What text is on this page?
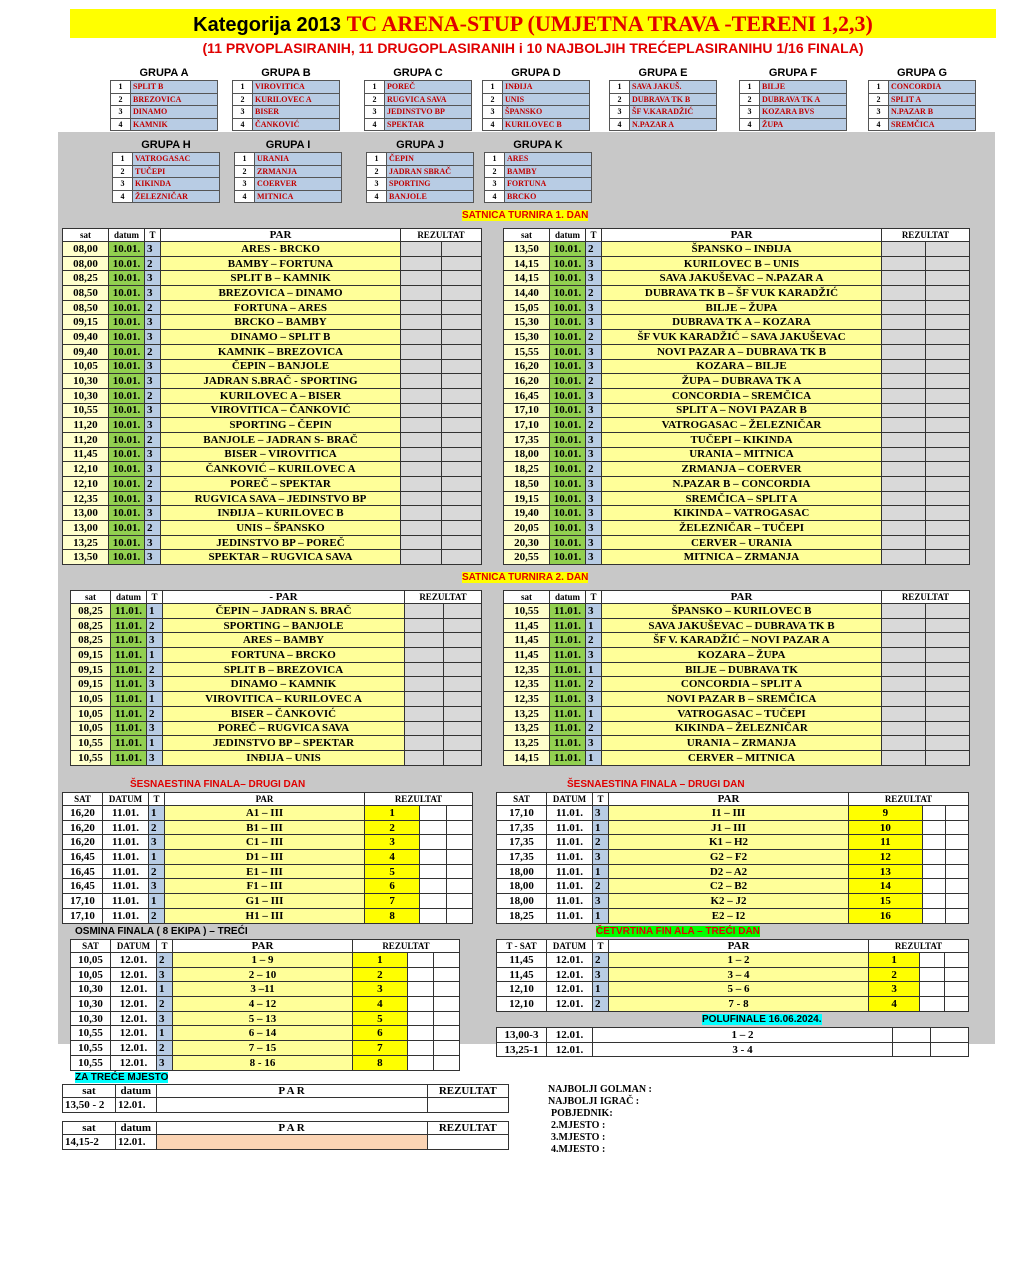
Kategorija 2013 TC ARENA-STUP (UMJETNA TRAVA -TERENI 1,2,3)
(11 PRVOPLASIRANIH, 11 DRUGOPLASIRANIH i 10 NAJBOLJIH TREĆEPLASIRANIHU 1/16 FINALA)
GRUPA A
1	SPLIT B
2	BREZOVICA
3	DINAMO
4	KAMNIK
GRUPA B
1	VIROVITICA
2	KURILOVEC A
3	BISER
4	ČANKOVIĆ
GRUPA C
1	POREČ
2	RUGVICA SAVA
3	JEDINSTVO BP
4	SPEKTAR
GRUPA D
1	INĐIJA
2	UNIS
3	ŠPANSKO
4	KURILOVEC B
GRUPA E
1	SAVA JAKUŠ.
2	DUBRAVA TK B
3	ŠF V.KARADŽIĆ
4	N.PAZAR A
GRUPA F
1	BILJE
2	DUBRAVA TK A
3	KOZARA BVS
4	ŽUPA
GRUPA G
1	CONCORDIA
2	SPLIT A
3	N.PAZAR B
4	SREMČICA
GRUPA H
1	VATROGASAC
2	TUČEPI
3	KIKINDA
4	ŽELEZNIČAR
GRUPA I
1	URANIA
2	ZRMANJA
3	COERVER
4	MITNICA
GRUPA J
1	ČEPIN
2	JADRAN SBRAČ
3	SPORTING
4	BANJOLE
GRUPA K
1	ARES
2	BAMBY
3	FORTUNA
4	BRCKO
SATNICA TURNIRA 1. DAN
sat	datum	T	PAR	REZULTAT	
08,00	10.01.	3	ARES - BRCKO		
08,00	10.01.	2	BAMBY – FORTUNA		
08,25	10.01.	3	SPLIT B – KAMNIK		
08,50	10.01.	3	BREZOVICA – DINAMO		
08,50	10.01.	2	FORTUNA – ARES		
09,15	10.01.	3	BRCKO – BAMBY		
09,40	10.01.	3	DINAMO – SPLIT B		
09,40	10.01.	2	KAMNIK – BREZOVICA		
10,05	10.01.	3	ČEPIN – BANJOLE		
10,30	10.01.	3	JADRAN S.BRAČ - SPORTING		
10,30	10.01.	2	KURILOVEC A – BISER		
10,55	10.01.	3	VIROVITICA – ČANKOVIĆ		
11,20	10.01.	3	SPORTING – ČEPIN		
11,20	10.01.	2	BANJOLE – JADRAN S- BRAČ		
11,45	10.01.	3	BISER – VIROVITICA		
12,10	10.01.	3	ČANKOVIĆ – KURILOVEC A		
12,10	10.01.	2	POREČ – SPEKTAR		
12,35	10.01.	3	RUGVICA SAVA – JEDINSTVO BP		
13,00	10.01.	3	INĐIJA – KURILOVEC B		
13,00	10.01.	2	UNIS – ŠPANSKO		
13,25	10.01.	3	JEDINSTVO BP – POREČ		
13,50	10.01.	3	SPEKTAR – RUGVICA SAVA		
sat	datum	T	PAR	REZULTAT	
13,50	10.01.	2	ŠPANSKO – INĐIJA		
14,15	10.01.	3	KURILOVEC B – UNIS		
14,15	10.01.	3	SAVA JAKUŠEVAC – N.PAZAR A		
14,40	10.01.	2	DUBRAVA TK B – ŠF VUK KARADŽIĆ		
15,05	10.01.	3	BILJE – ŽUPA		
15,30	10.01.	3	DUBRAVA TK A – KOZARA		
15,30	10.01.	2	ŠF VUK KARADŽIĆ – SAVA JAKUŠEVAC		
15,55	10.01.	3	NOVI PAZAR A – DUBRAVA TK B		
16,20	10.01.	3	KOZARA – BILJE		
16,20	10.01.	2	ŽUPA – DUBRAVA TK A		
16,45	10.01.	3	CONCORDIA – SREMČICA		
17,10	10.01.	3	SPLIT A – NOVI PAZAR B		
17,10	10.01.	2	VATROGASAC – ŽELEZNIČAR		
17,35	10.01.	3	TUČEPI – KIKINDA		
18,00	10.01.	3	URANIA – MITNICA		
18,25	10.01.	2	ZRMANJA – COERVER		
18,50	10.01.	3	N.PAZAR B – CONCORDIA		
19,15	10.01.	3	SREMČICA – SPLIT A		
19,40	10.01.	3	KIKINDA – VATROGASAC		
20,05	10.01.	3	ŽELEZNIČAR – TUČEPI		
20,30	10.01.	3	CERVER – URANIA		
20,55	10.01.	3	MITNICA – ZRMANJA		
SATNICA TURNIRA 2. DAN
sat	datum	T	- PAR	REZULTAT	
08,25	11.01.	1	ČEPIN – JADRAN S. BRAČ		
08,25	11.01.	2	SPORTING – BANJOLE		
08,25	11.01.	3	ARES – BAMBY		
09,15	11.01.	1	FORTUNA – BRCKO		
09,15	11.01.	2	SPLIT B – BREZOVICA		
09,15	11.01.	3	DINAMO – KAMNIK		
10,05	11.01.	1	VIROVITICA – KURILOVEC A		
10,05	11.01.	2	BISER – ČANKOVIĆ		
10,05	11.01.	3	POREČ – RUGVICA SAVA		
10,55	11.01.	1	JEDINSTVO BP – SPEKTAR		
10,55	11.01.	3	INĐIJA – UNIS		
sat	datum	T	PAR	REZULTAT	
10,55	11.01.	3	ŠPANSKO – KURILOVEC B		
11,45	11.01.	1	SAVA JAKUŠEVAC – DUBRAVA TK B		
11,45	11.01.	2	ŠF V. KARADŽIĆ – NOVI PAZAR A		
11,45	11.01.	3	KOZARA – ŽUPA		
12,35	11.01.	1	BILJE – DUBRAVA TK		
12,35	11.01.	2	CONCORDIA – SPLIT A		
12,35	11.01.	3	NOVI PAZAR B – SREMČICA		
13,25	11.01.	1	VATROGASAC – TUČEPI		
13,25	11.01.	2	KIKINDA – ŽELEZNIČAR		
13,25	11.01.	3	URANIA – ZRMANJA		
14,15	11.01.	1	CERVER – MITNICA		
ŠESNAESTINA FINALA– DRUGI DAN	ŠESNAESTINA FINALA – DRUGI DAN
SAT	DATUM	T	PAR	REZULTAT		
16,20	11.01.	1	A1 – III	1		
16,20	11.01.	2	B1 – III	2		
16,20	11.01.	3	C1 – III	3		
16,45	11.01.	1	D1 – III	4		
16,45	11.01.	2	E1 – III	5		
16,45	11.01.	3	F1 – III	6		
17,10	11.01.	1	G1 – III	7		
17,10	11.01.	2	H1 – III	8		
SAT	DATUM	T	PAR	REZULTAT		
17,10	11.01.	3	I1 – III	9		
17,35	11.01.	1	J1 – III	10		
17,35	11.01.	2	K1 – H2	11		
17,35	11.01.	3	G2 – F2	12		
18,00	11.01.	1	D2 – A2	13		
18,00	11.01.	2	C2 – B2	14		
18,00	11.01.	3	K2 – J2	15		
18,25	11.01.	1	E2 – I2	16		
OSMINA FINALA ( 8 EKIPA ) – TREĆI	ČETVRTINA FIN ALA – TREĆI DAN
SAT	DATUM	T	PAR	REZULTAT		
10,05	12.01.	2	1 – 9	1		
10,05	12.01.	3	2 – 10	2		
10,30	12.01.	1	3 –11	3		
10,30	12.01.	2	4 – 12	4		
10,30	12.01.	3	5 – 13	5		
10,55	12.01.	1	6 – 14	6		
10,55	12.01.	2	7 – 15	7		
10,55	12.01.	3	8 - 16	8		
T - SAT	DATUM	T	PAR	REZULTAT		
11,45	12.01.	2	1 – 2	1		
11,45	12.01.	3	3 – 4	2		
12,10	12.01.	1	5 – 6	3		
12,10	12.01.	2	7 - 8	4		
POLUFINALE 16.06.2024.
13,00-3	12.01.	1 – 2		
13,25-1	12.01.	3 - 4		
ZA TREĆE MJESTO
sat	datum	P A R	REZULTAT
13,50 - 2	12.01.		
sat	datum	P A R	REZULTAT
14,15-2	12.01.		
NAJBOLJI GOLMAN :
NAJBOLJI IGRAČ :
POBJEDNIK:
2.MJESTO :
3.MJESTO :
4.MJESTO :
